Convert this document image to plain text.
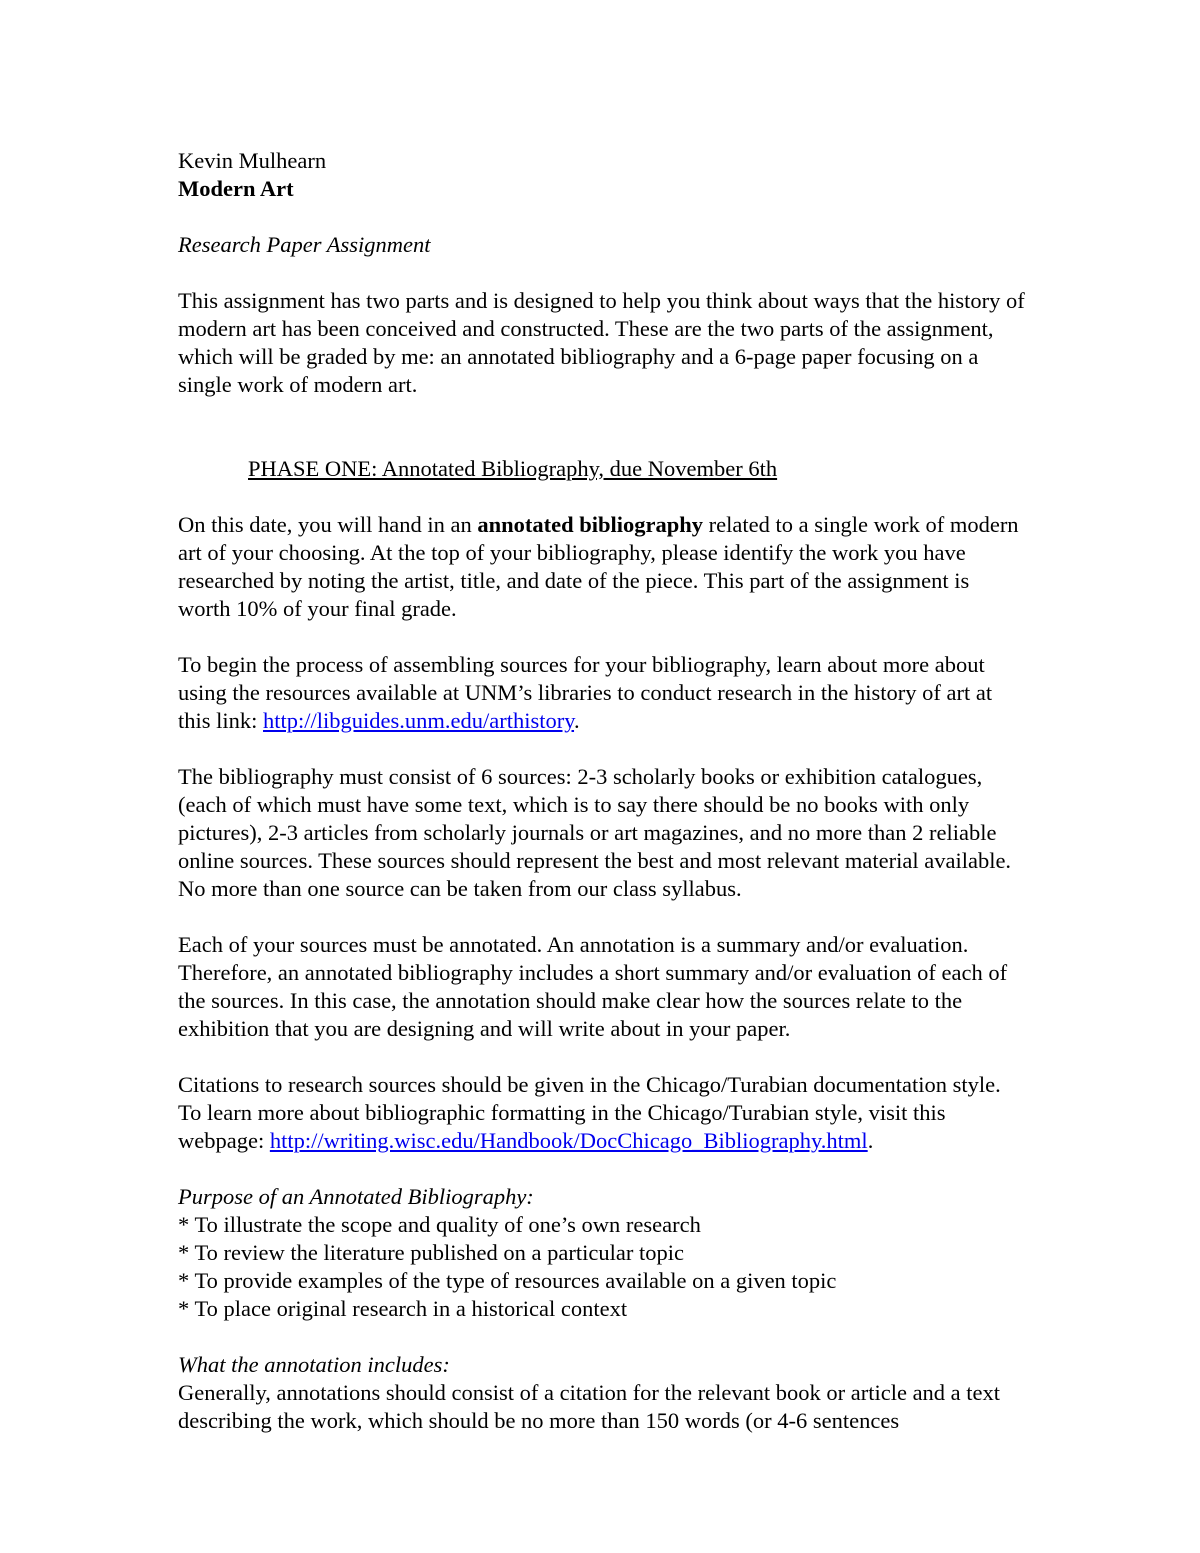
Kevin Mulhearn

Modern Art

Research Paper Assignment

This assignment has two parts and is designed to help you think about ways that the history of modern art has been conceived and constructed. These are the two parts of the assignment, which will be graded by me: an annotated bibliography and a 6-page paper focusing on a single work of modern art.

PHASE ONE: Annotated Bibliography, due November 6th

On this date, you will hand in an annotated bibliography related to a single work of modern art of your choosing. At the top of your bibliography, please identify the work you have researched by noting the artist, title, and date of the piece. This part of the assignment is worth 10% of your final grade.

To begin the process of assembling sources for your bibliography, learn about more about using the resources available at UNM’s libraries to conduct research in the history of art at this link: http://libguides.unm.edu/arthistory.

The bibliography must consist of 6 sources: 2-3 scholarly books or exhibition catalogues, (each of which must have some text, which is to say there should be no books with only pictures), 2-3 articles from scholarly journals or art magazines, and no more than 2 reliable online sources. These sources should represent the best and most relevant material available. No more than one source can be taken from our class syllabus.

Each of your sources must be annotated. An annotation is a summary and/or evaluation. Therefore, an annotated bibliography includes a short summary and/or evaluation of each of the sources. In this case, the annotation should make clear how the sources relate to the exhibition that you are designing and will write about in your paper.

Citations to research sources should be given in the Chicago/Turabian documentation style. To learn more about bibliographic formatting in the Chicago/Turabian style, visit this webpage: http://writing.wisc.edu/Handbook/DocChicago_Bibliography.html.

Purpose of an Annotated Bibliography:

* To illustrate the scope and quality of one’s own research
* To review the literature published on a particular topic
* To provide examples of the type of resources available on a given topic
* To place original research in a historical context

What the annotation includes:

Generally, annotations should consist of a citation for the relevant book or article and a text describing the work, which should be no more than 150 words (or 4-6 sentences
